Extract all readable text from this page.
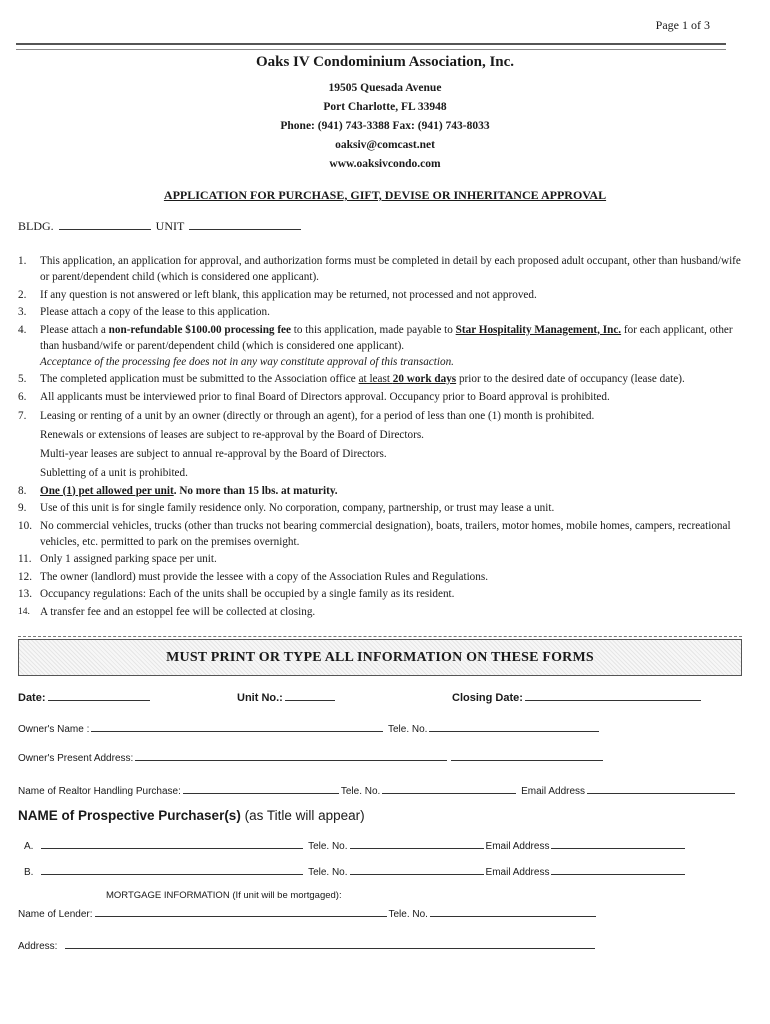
Page 1 of 3
Oaks IV Condominium Association, Inc.
19505 Quesada Avenue
Port Charlotte, FL 33948
Phone: (941) 743-3388 Fax: (941) 743-8033
oaksiv@comcast.net
www.oaksivcondo.com
APPLICATION FOR PURCHASE, GIFT, DEVISE OR INHERITANCE APPROVAL
BLDG.	UNIT
1. This application, an application for approval, and authorization forms must be completed in detail by each proposed adult occupant, other than husband/wife or parent/dependent child (which is considered one applicant).
2. If any question is not answered or left blank, this application may be returned, not processed and not approved.
3. Please attach a copy of the lease to this application.
4. Please attach a non-refundable $100.00 processing fee to this application, made payable to Star Hospitality Management, Inc. for each applicant, other than husband/wife or parent/dependent child (which is considered one applicant).
Acceptance of the processing fee does not in any way constitute approval of this transaction.
5. The completed application must be submitted to the Association office at least 20 work days prior to the desired date of occupancy (lease date).
6. All applicants must be interviewed prior to final Board of Directors approval. Occupancy prior to Board approval is prohibited.
7. Leasing or renting of a unit by an owner (directly or through an agent), for a period of less than one (1) month is prohibited.
Renewals or extensions of leases are subject to re-approval by the Board of Directors.
Multi-year leases are subject to annual re-approval by the Board of Directors.
Subletting of a unit is prohibited.
8. One (1) pet allowed per unit. No more than 15 lbs. at maturity.
9. Use of this unit is for single family residence only. No corporation, company, partnership, or trust may lease a unit.
10. No commercial vehicles, trucks (other than trucks not bearing commercial designation), boats, trailers, motor homes, mobile homes, campers, recreational vehicles, etc. permitted to park on the premises overnight.
11. Only 1 assigned parking space per unit.
12. The owner (landlord) must provide the lessee with a copy of the Association Rules and Regulations.
13. Occupancy regulations: Each of the units shall be occupied by a single family as its resident.
14. A transfer fee and an estoppel fee will be collected at closing.
MUST PRINT OR TYPE ALL INFORMATION ON THESE FORMS
Date:	Unit No.:	Closing Date:
Owner's Name :	Tele. No.
Owner's Present Address:
Name of Realtor Handling Purchase:	Tele. No.	Email Address
NAME of Prospective Purchaser(s) (as Title will appear)
A.	Tele. No.	Email Address
B.	Tele. No.	Email Address
MORTGAGE INFORMATION (If unit will be mortgaged):
Name of Lender:	Tele. No.
Address:
